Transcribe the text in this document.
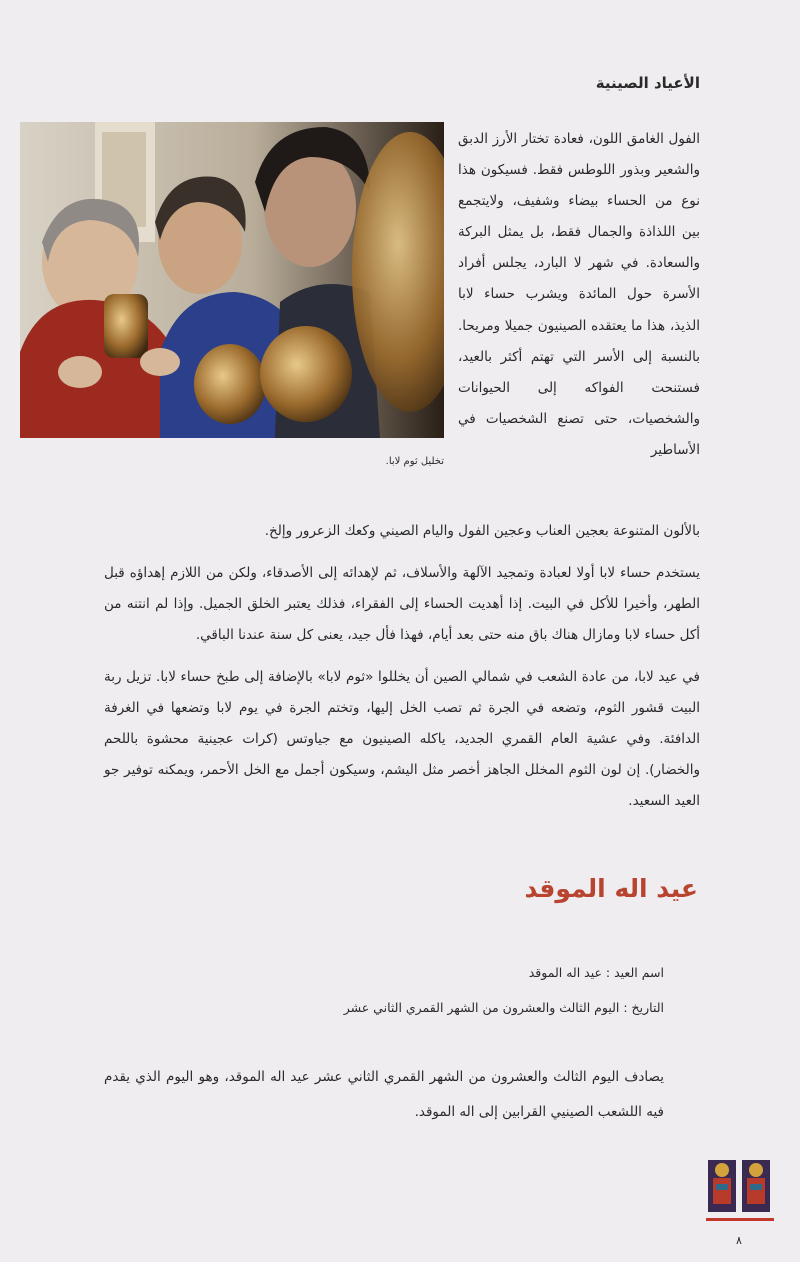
الأعياد الصينية
تخليل ثوم لابا.

الفول الغامق اللون، فعادة تختار الأرز الدبق والشعير وبذور اللوطس فقط. فسيكون هذا نوع من الحساء بيضاء وشفيف، ولايتجمع بين اللذاذة والجمال فقط، بل يمثل البركة والسعادة. في شهر لا البارد، يجلس أفراد الأسرة حول المائدة ويشرب حساء لابا الذيذ، هذا ما يعتقده الصينيون جميلا ومريحا. بالنسبة إلى الأسر التي تهتم أكثر بالعيد، فستنحت الفواكه إلى الحيوانات والشخصيات، حتى تصنع الشخصيات في الأساطير

بالألون المتنوعة بعجين العناب وعجين الفول واليام الصيني وكعك الزعرور وإلخ.

يستخدم حساء لابا أولا لعبادة وتمجيد الآلهة والأسلاف، ثم لإهدائه إلى الأصدقاء، ولكن من اللازم إهداؤه قبل الطهر، وأخيرا للأكل في البيت. إذا أهديت الحساء إلى الفقراء، فذلك يعتبر الخلق الجميل. وإذا لم انتنه من أكل حساء لابا ومازال هناك باق منه حتى بعد أيام، فهذا فأل جيد، يعنى كل سنة عندنا الباقي.

في عيد لابا، من عادة الشعب في شمالي الصين أن يخللوا «ثوم لابا» بالإضافة إلى طبخ حساء لابا. تزيل ربة البيت قشور الثوم، وتضعه في الجرة ثم تصب الخل إليها، وتختم الجرة في يوم لابا وتضعها في الغرفة الدافئة. وفي عشية العام القمري الجديد، ياكله الصينيون مع جياوتس (كرات عجينية محشوة باللحم والخضار). إن لون الثوم المخلل الجاهز أخصر مثل اليشم، وسيكون أجمل مع الخل الأحمر، ويمكنه توفير جو العيد السعيد.

عيد اله الموقد
اسم العيد : عيد اله الموقد
التاريخ : اليوم الثالث والعشرون من الشهر القمري الثاني عشر

يصادف اليوم الثالث والعشرون من الشهر القمري الثاني عشر عيد اله الموقد، وهو اليوم الذي يقدم فيه اللشعب الصينيي القرابين إلى اله الموقد.

٨
